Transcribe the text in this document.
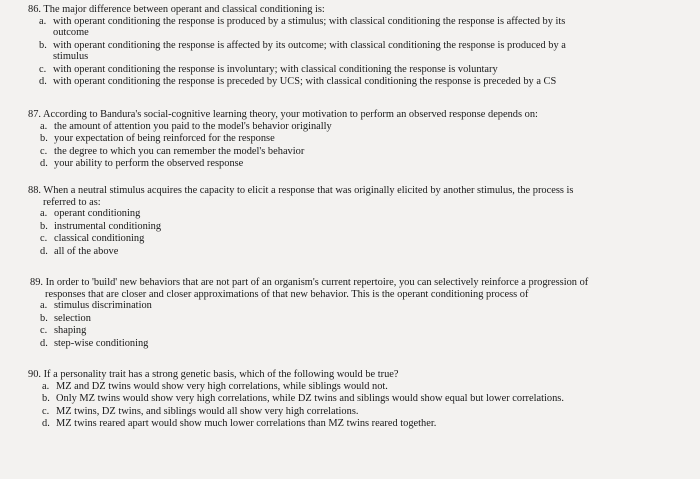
86. The major difference between operant and classical conditioning is:
a. with operant conditioning the response is produced by a stimulus; with classical conditioning the response is affected by its
outcome
b. with operant conditioning the response is affected by its outcome; with classical conditioning the response is produced by a
stimulus
c. with operant conditioning the response is involuntary; with classical conditioning the response is voluntary
d. with operant conditioning the response is preceded by UCS; with classical conditioning the response is preceded by a CS
87. According to Bandura's social-cognitive learning theory, your motivation to perform an observed response depends on:
a. the amount of attention you paid to the model's behavior originally
b. your expectation of being reinforced for the response
c. the degree to which you can remember the model's behavior
d. your ability to perform the observed response
88. When a neutral stimulus acquires the capacity to elicit a response that was originally elicited by another stimulus, the process is
referred to as:
a. operant conditioning
b. instrumental conditioning
c. classical conditioning
d. all of the above
89. In order to 'build' new behaviors that are not part of an organism's current repertoire, you can selectively reinforce a progression of
responses that are closer and closer approximations of that new behavior. This is the operant conditioning process of
a. stimulus discrimination
b. selection
c. shaping
d. step-wise conditioning
90. If a personality trait has a strong genetic basis, which of the following would be true?
a. MZ and DZ twins would show very high correlations, while siblings would not.
b. Only MZ twins would show very high correlations, while DZ twins and siblings would show equal but lower correlations.
c. MZ twins, DZ twins, and siblings would all show very high correlations.
d. MZ twins reared apart would show much lower correlations than MZ twins reared together.
